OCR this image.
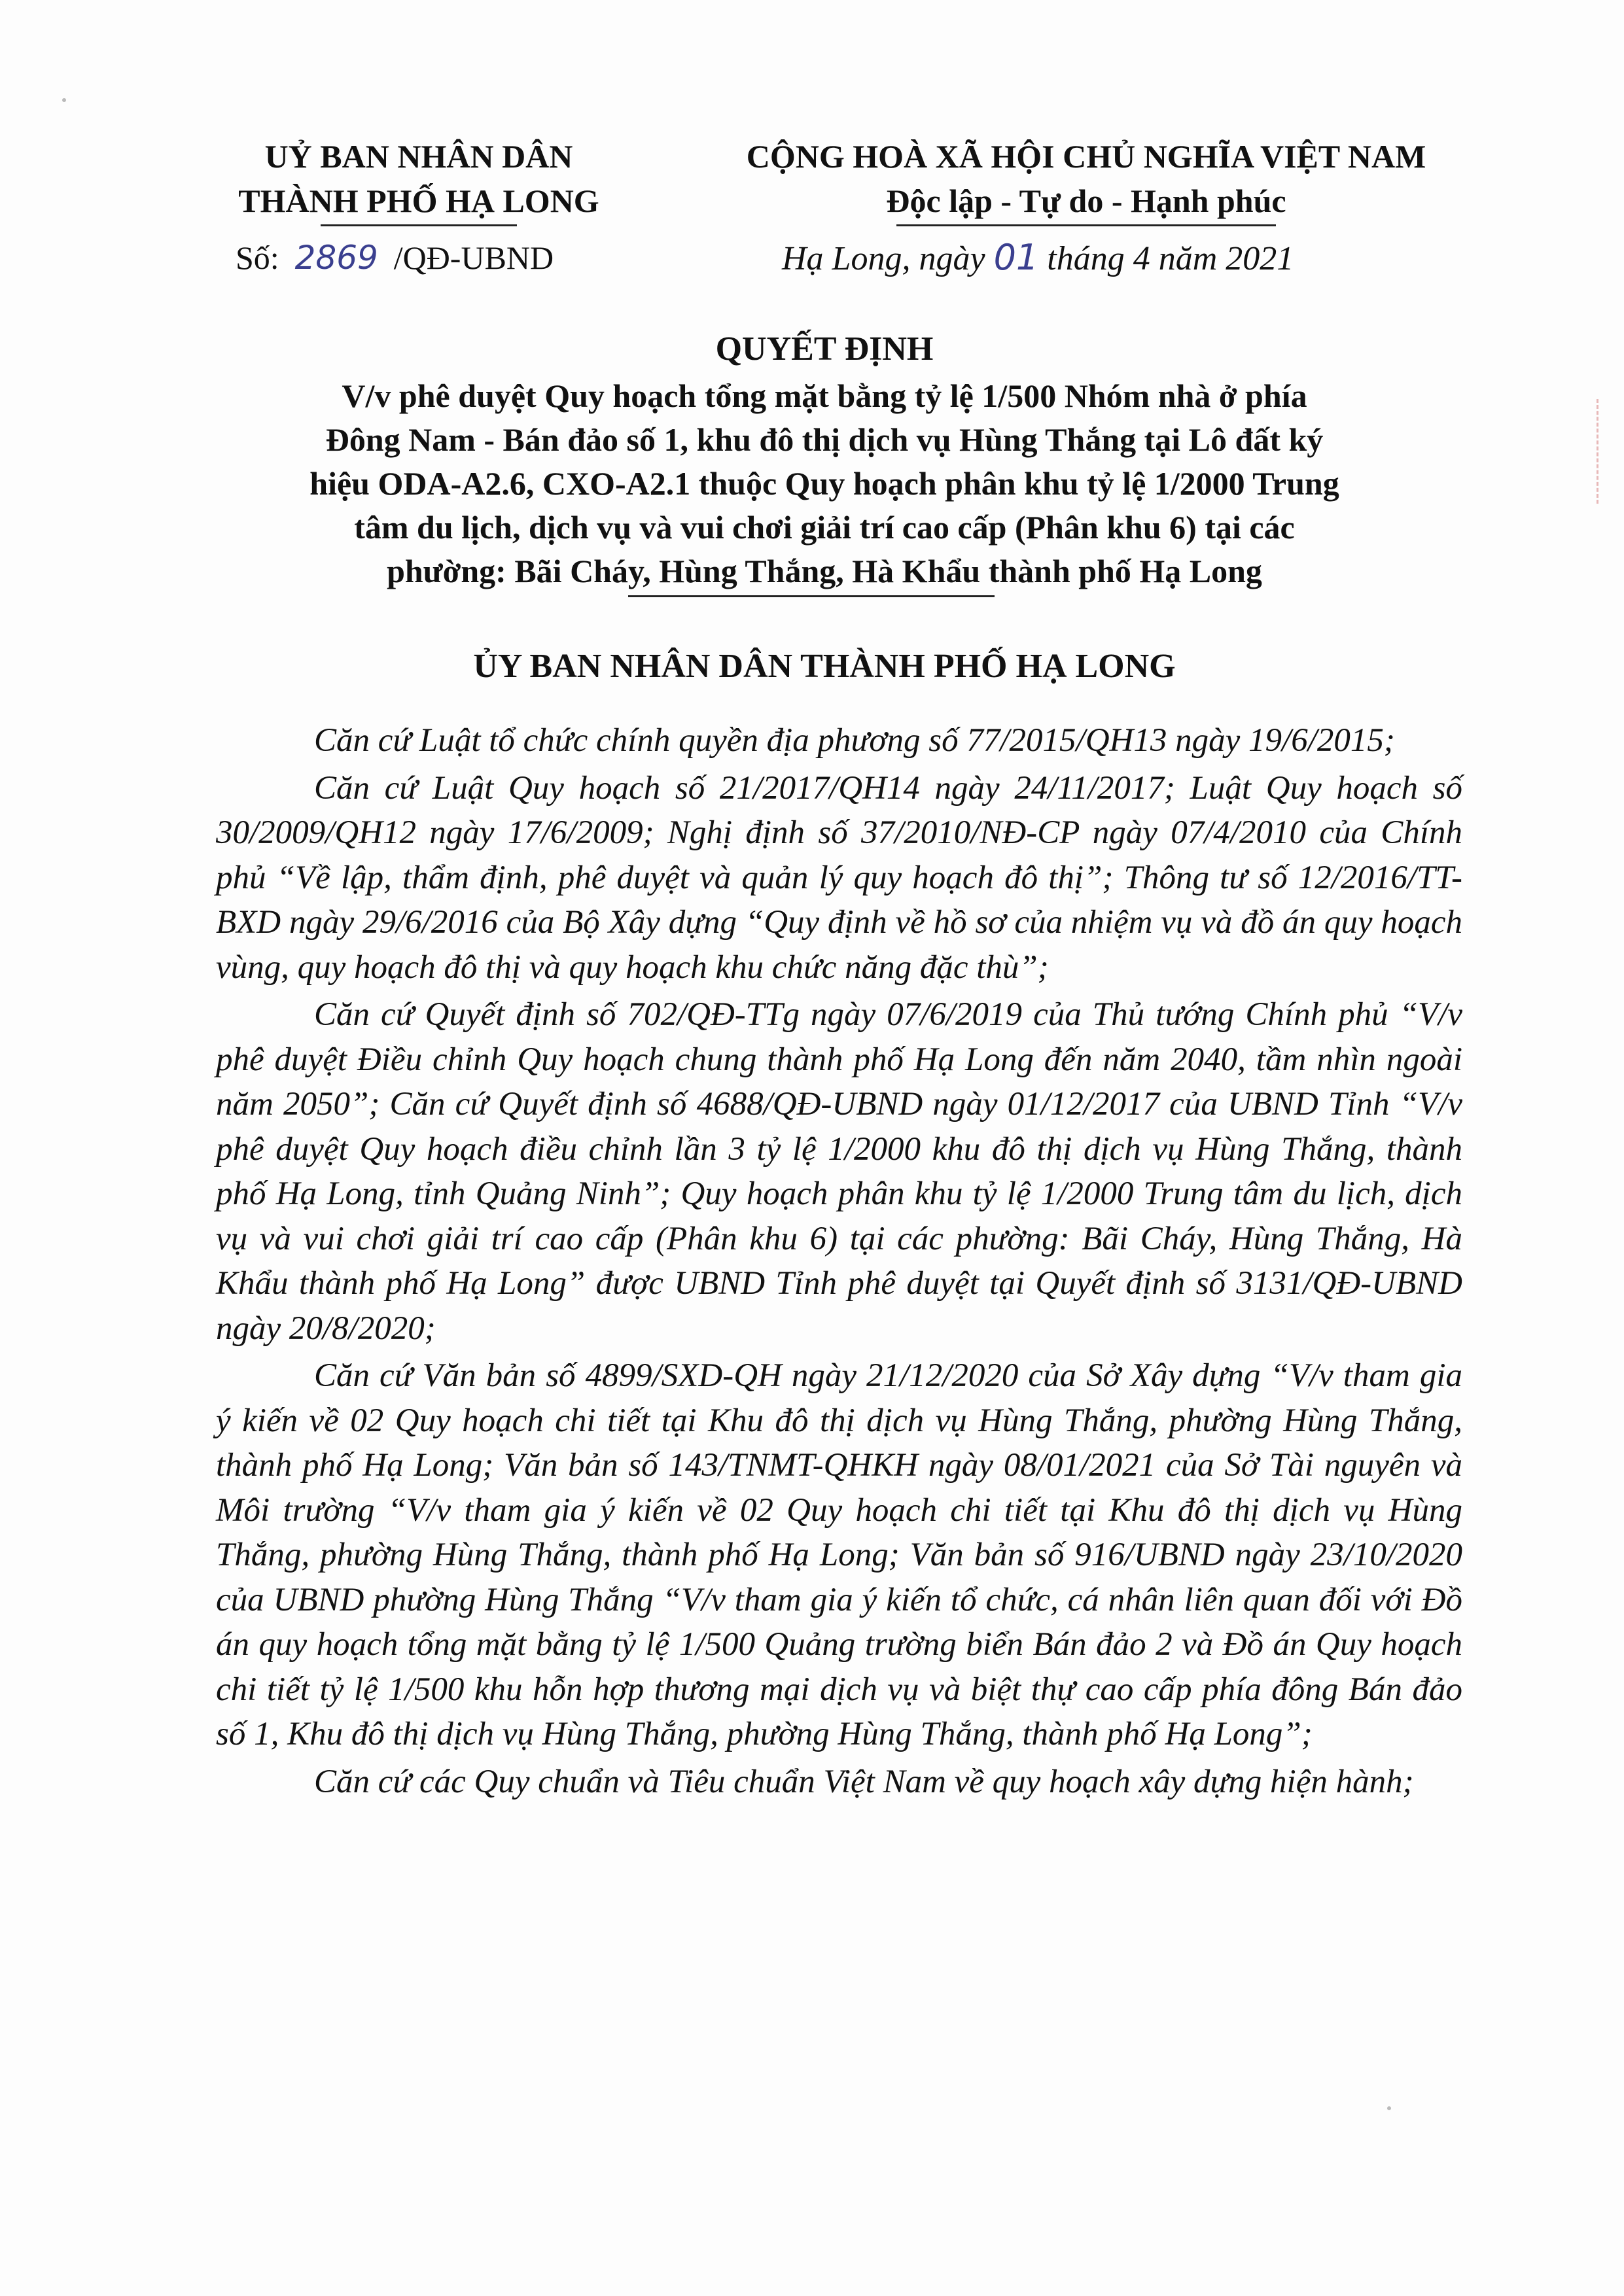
UỶ BAN NHÂN DÂN
THÀNH PHỐ HẠ LONG
Số: 2869 /QĐ-UBND
CỘNG HOÀ XÃ HỘI CHỦ NGHĨA VIỆT NAM
Độc lập - Tự do - Hạnh phúc
Hạ Long, ngày 01 tháng 4 năm 2021
QUYẾT ĐỊNH
V/v phê duyệt Quy hoạch tổng mặt bằng tỷ lệ 1/500 Nhóm nhà ở phía
Đông Nam - Bán đảo số 1, khu đô thị dịch vụ Hùng Thắng tại Lô đất ký
hiệu ODA-A2.6, CXO-A2.1 thuộc Quy hoạch phân khu tỷ lệ 1/2000 Trung
tâm du lịch, dịch vụ và vui chơi giải trí cao cấp (Phân khu 6) tại các
phường: Bãi Cháy, Hùng Thắng, Hà Khẩu thành phố Hạ Long
ỦY BAN NHÂN DÂN THÀNH PHỐ HẠ LONG

Căn cứ Luật tổ chức chính quyền địa phương số 77/2015/QH13 ngày 19/6/2015;

Căn cứ Luật Quy hoạch số 21/2017/QH14 ngày 24/11/2017; Luật Quy hoạch số 30/2009/QH12 ngày 17/6/2009; Nghị định số 37/2010/NĐ-CP ngày 07/4/2010 của Chính phủ “Về lập, thẩm định, phê duyệt và quản lý quy hoạch đô thị”; Thông tư số 12/2016/TT-BXD ngày 29/6/2016 của Bộ Xây dựng “Quy định về hồ sơ của nhiệm vụ và đồ án quy hoạch vùng, quy hoạch đô thị và quy hoạch khu chức năng đặc thù”;

Căn cứ Quyết định số 702/QĐ-TTg ngày 07/6/2019 của Thủ tướng Chính phủ “V/v phê duyệt Điều chỉnh Quy hoạch chung thành phố Hạ Long đến năm 2040, tầm nhìn ngoài năm 2050”; Căn cứ Quyết định số 4688/QĐ-UBND ngày 01/12/2017 của UBND Tỉnh “V/v phê duyệt Quy hoạch điều chỉnh lần 3 tỷ lệ 1/2000 khu đô thị dịch vụ Hùng Thắng, thành phố Hạ Long, tỉnh Quảng Ninh”; Quy hoạch phân khu tỷ lệ 1/2000 Trung tâm du lịch, dịch vụ và vui chơi giải trí cao cấp (Phân khu 6) tại các phường: Bãi Cháy, Hùng Thắng, Hà Khẩu thành phố Hạ Long” được UBND Tỉnh phê duyệt tại Quyết định số 3131/QĐ-UBND ngày 20/8/2020;

Căn cứ Văn bản số 4899/SXD-QH ngày 21/12/2020 của Sở Xây dựng “V/v tham gia ý kiến về 02 Quy hoạch chi tiết tại Khu đô thị dịch vụ Hùng Thắng, phường Hùng Thắng, thành phố Hạ Long; Văn bản số 143/TNMT-QHKH ngày 08/01/2021 của Sở Tài nguyên và Môi trường “V/v tham gia ý kiến về 02 Quy hoạch chi tiết tại Khu đô thị dịch vụ Hùng Thắng, phường Hùng Thắng, thành phố Hạ Long; Văn bản số 916/UBND ngày 23/10/2020 của UBND phường Hùng Thắng “V/v tham gia ý kiến tổ chức, cá nhân liên quan đối với Đồ án quy hoạch tổng mặt bằng tỷ lệ 1/500 Quảng trường biển Bán đảo 2 và Đồ án Quy hoạch chi tiết tỷ lệ 1/500 khu hỗn hợp thương mại dịch vụ và biệt thự cao cấp phía đông Bán đảo số 1, Khu đô thị dịch vụ Hùng Thắng, phường Hùng Thắng, thành phố Hạ Long”;

Căn cứ các Quy chuẩn và Tiêu chuẩn Việt Nam về quy hoạch xây dựng hiện hành;
